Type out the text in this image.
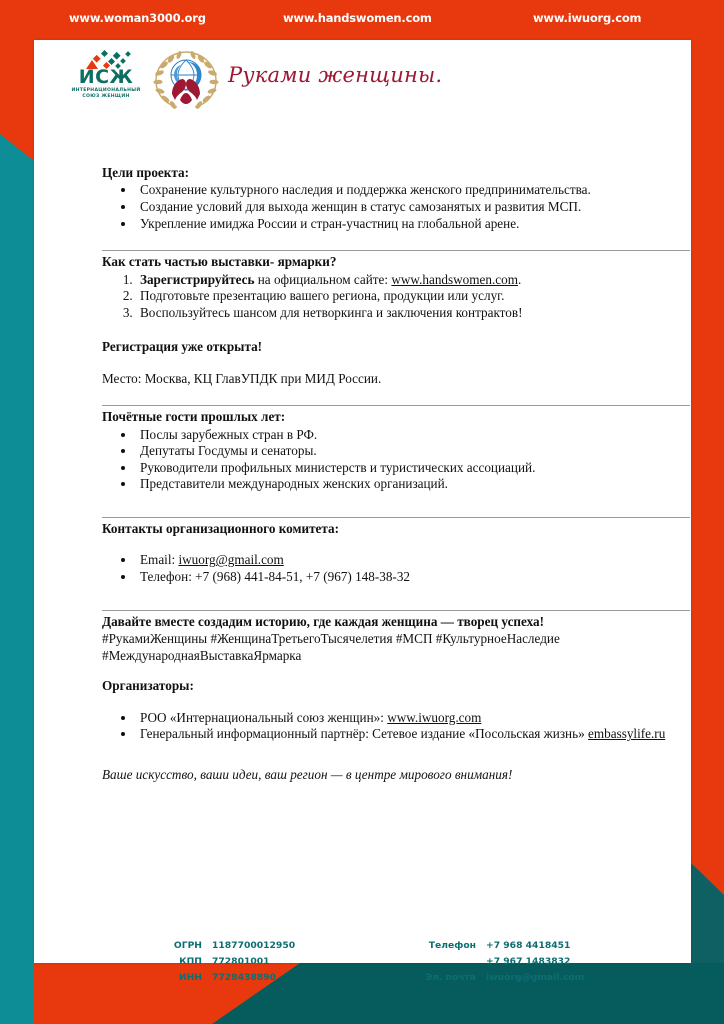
www.woman3000.org	www.handswomen.com	www.iwuorg.com
ИСЖ
ИНТЕРНАЦИОНАЛЬНЫЙ
СОЮЗ ЖЕНЩИН
Руками женщины.
Цели проекта:
• Сохранение культурного наследия и поддержка женского предпринимательства.
• Создание условий для выхода женщин в статус самозанятых и развития МСП.
• Укрепление имиджа России и стран-участниц на глобальной арене.
Как стать частью выставки- ярмарки?
1. Зарегистрируйтесь на официальном сайте: www.handswomen.com.
2. Подготовьте презентацию вашего региона, продукции или услуг.
3. Воспользуйтесь шансом для нетворкинга и заключения контрактов!
Регистрация уже открыта!

Место: Москва, КЦ ГлавУПДК при МИД России.

Почётные гости прошлых лет:
• Послы зарубежных стран в РФ.
• Депутаты Госдумы и сенаторы.
• Руководители профильных министерств и туристических ассоциаций.
• Представители международных женских организаций.
Контакты организационного комитета:
• Email: iwuorg@gmail.com
• Телефон: +7 (968) 441-84-51, +7 (967) 148-38-32
Давайте вместе создадим историю, где каждая женщина — творец успеха!

#РукамиЖенщины #ЖенщинаТретьегоТысячелетия #МСП #КультурноеНаследие

#МеждународнаяВыставкаЯрмарка

Организаторы:
• РОО «Интернациональный союз женщин»: www.iwuorg.com
• Генеральный информационный партнёр: Сетевое издание «Посольская жизнь» embassylife.ru

Ваше искусство, ваши идеи, ваш регион — в центре мирового внимания!

ОГРН 1187700012950
КПП 772801001
ИНН 7728438890
Телефон +7 968 4418451
+7 967 1483832
Эл. почта iwuorg@gmail.com
